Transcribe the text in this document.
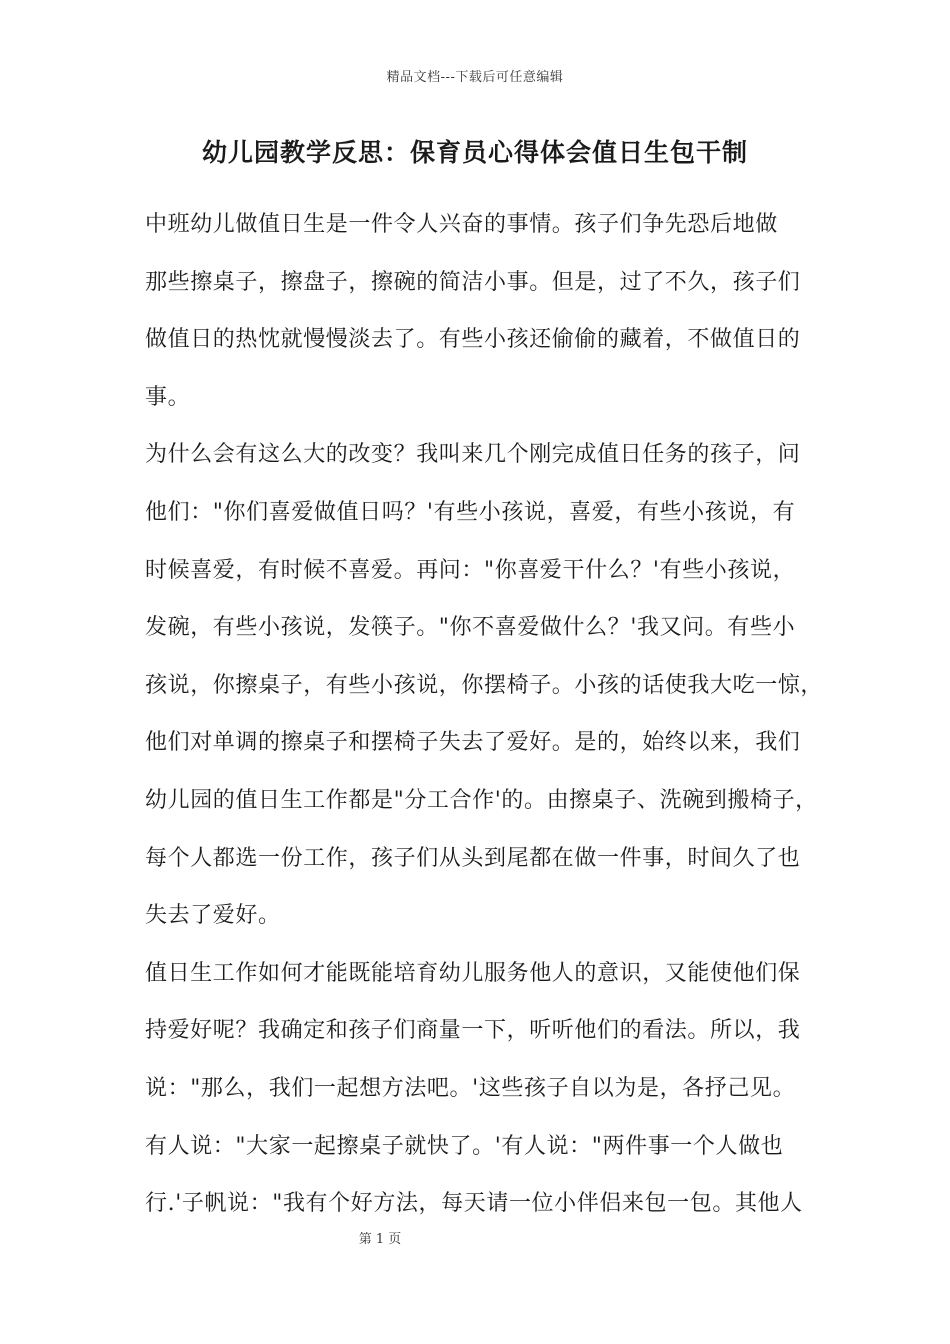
精品文档---下载后可任意编辑
幼儿园教学反思：保育员心得体会值日生包干制
中班幼儿做值日生是一件令人兴奋的事情。孩子们争先恐后地做
那些擦桌子，擦盘子，擦碗的简洁小事。但是，过了不久，孩子们
做值日的热忱就慢慢淡去了。有些小孩还偷偷的藏着，不做值日的
事。
为什么会有这么大的改变？我叫来几个刚完成值日任务的孩子，问
他们："你们喜爱做值日吗？'有些小孩说，喜爱，有些小孩说，有
时候喜爱，有时候不喜爱。再问："你喜爱干什么？'有些小孩说，
发碗，有些小孩说，发筷子。"你不喜爱做什么？'我又问。有些小
孩说，你擦桌子，有些小孩说，你摆椅子。小孩的话使我大吃一惊，
他们对单调的擦桌子和摆椅子失去了爱好。是的，始终以来，我们
幼儿园的值日生工作都是"分工合作'的。由擦桌子、洗碗到搬椅子，
每个人都选一份工作，孩子们从头到尾都在做一件事，时间久了也
失去了爱好。
值日生工作如何才能既能培育幼儿服务他人的意识，又能使他们保
持爱好呢？我确定和孩子们商量一下，听听他们的看法。所以，我
说："那么，我们一起想方法吧。'这些孩子自以为是，各抒己见。
有人说："大家一起擦桌子就快了。'有人说："两件事一个人做也
行.'子帆说："我有个好方法，每天请一位小伴侣来包一包。其他人
第 1 页
